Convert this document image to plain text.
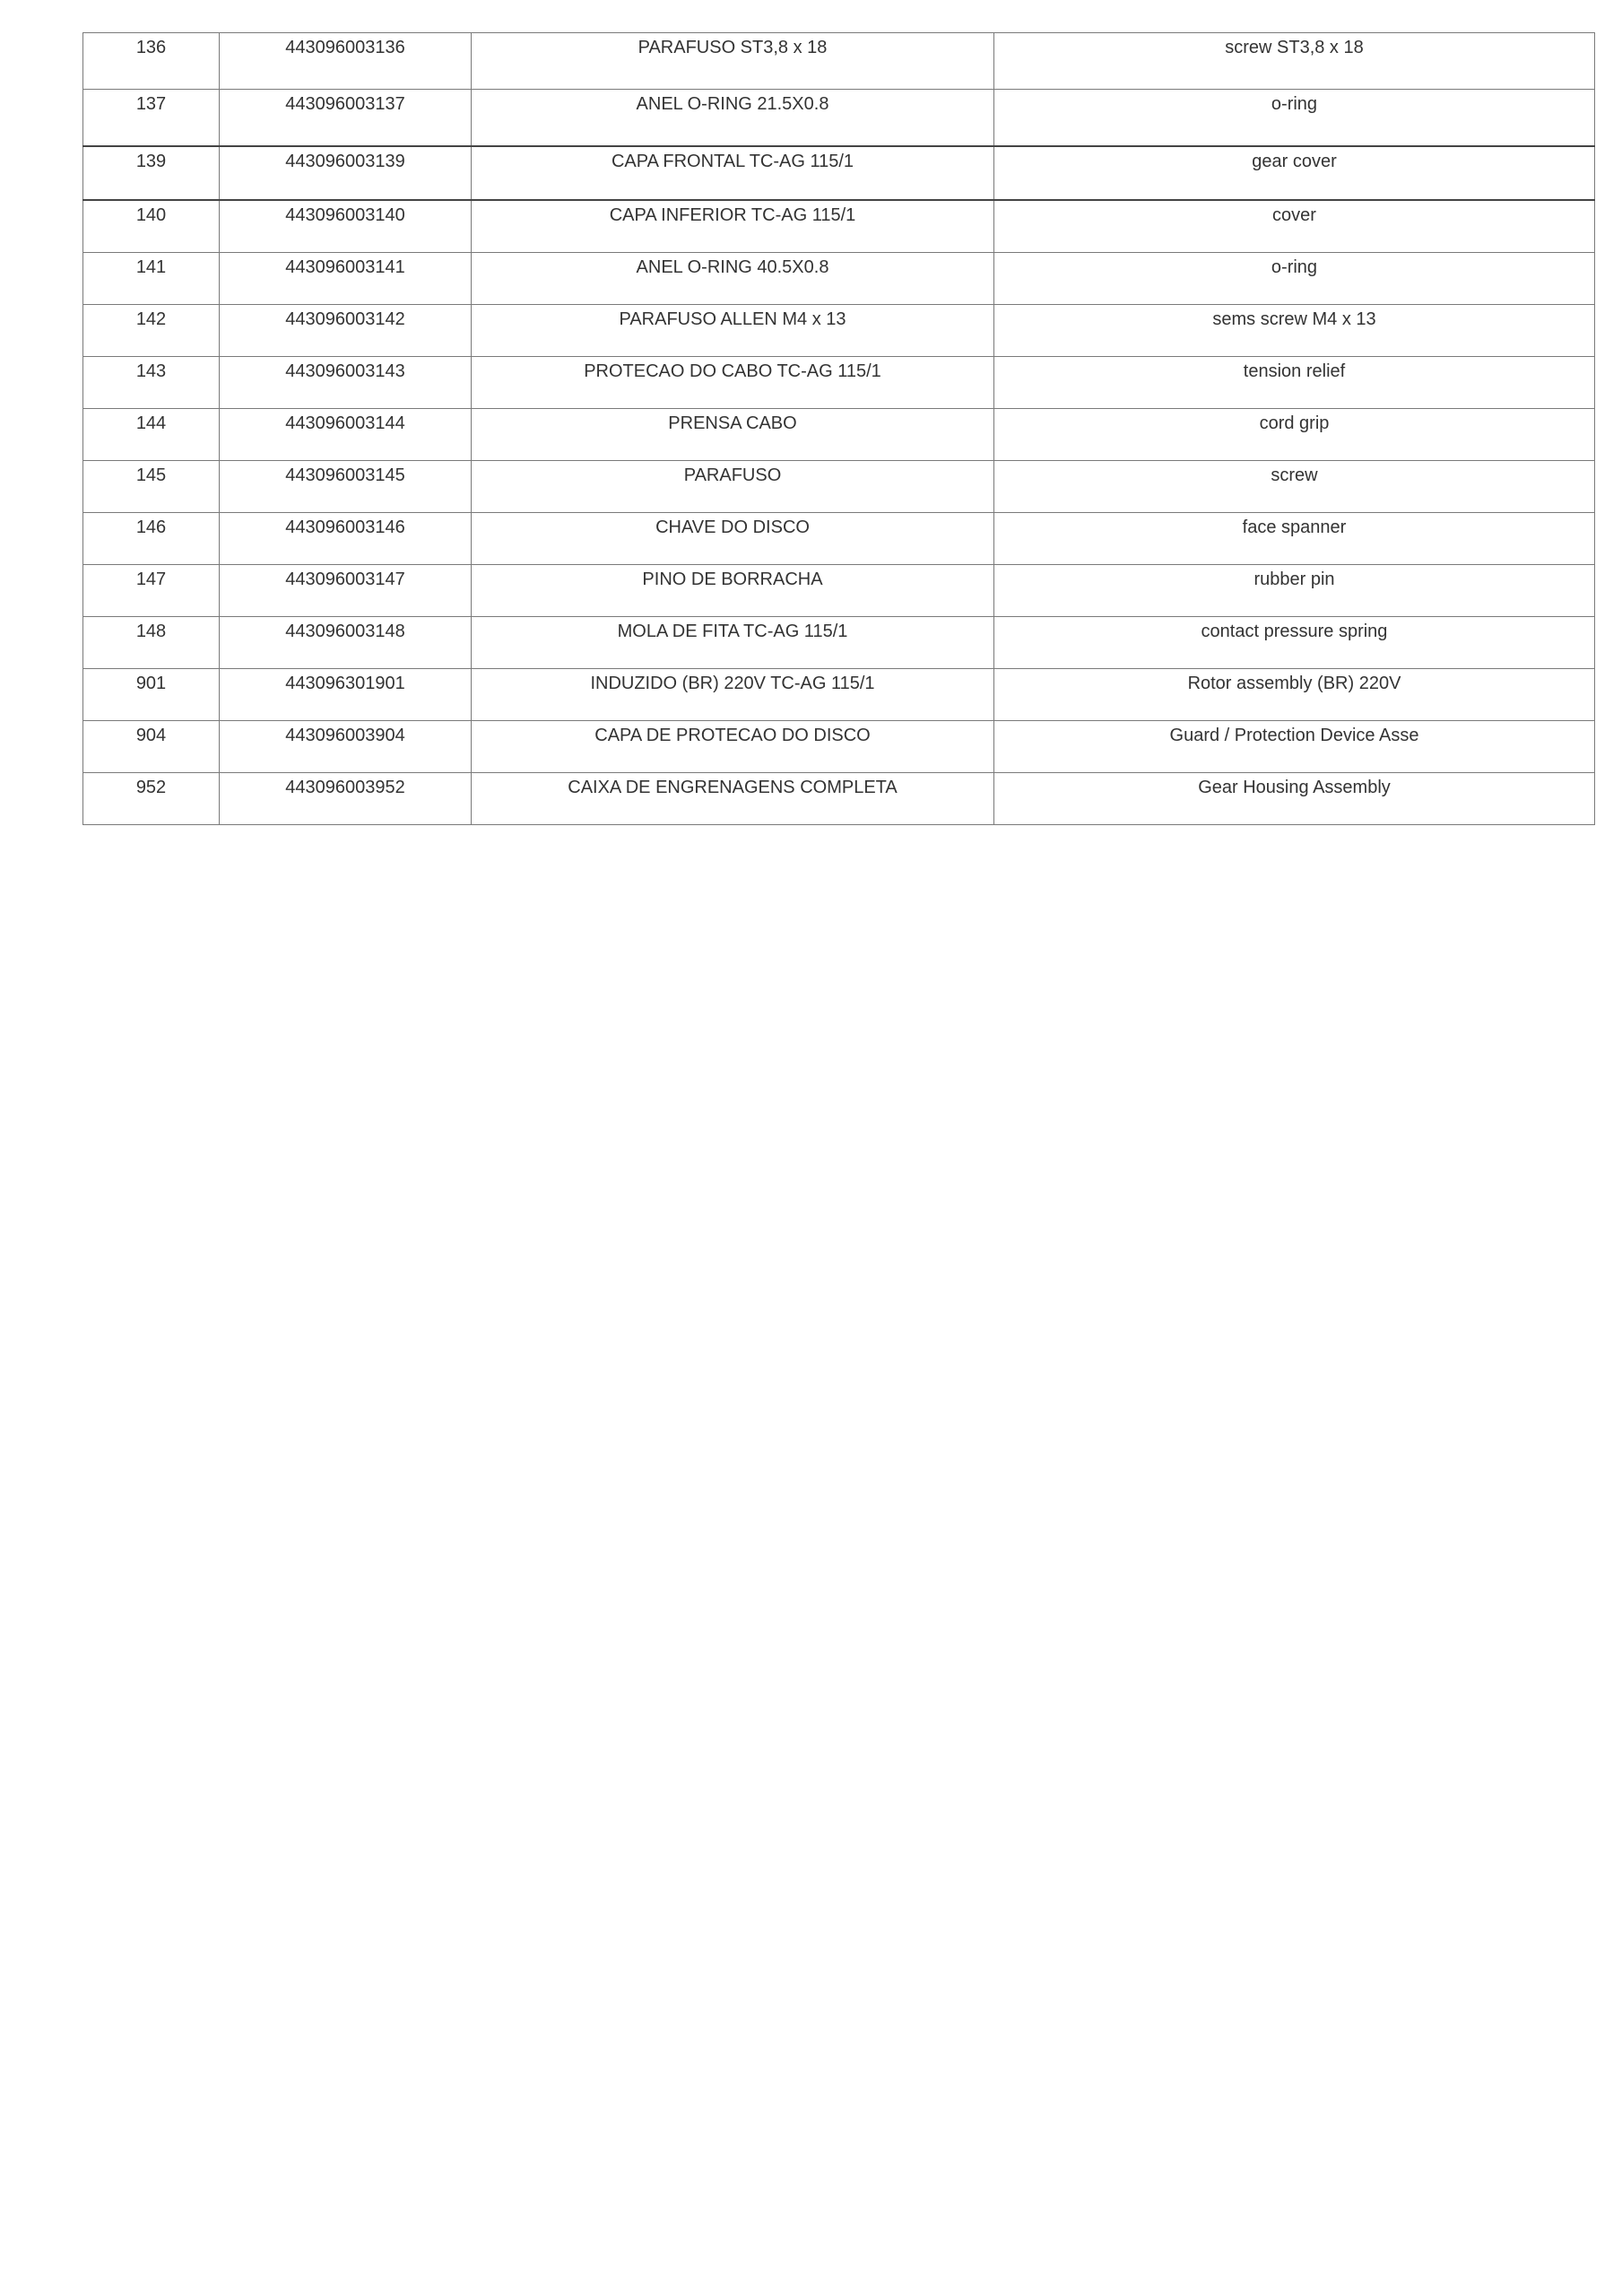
136	443096003136	PARAFUSO ST3,8 x 18	screw ST3,8 x 18
137	443096003137	ANEL O-RING 21.5X0.8	o-ring
139	443096003139	CAPA FRONTAL TC-AG 115/1	gear cover
140	443096003140	CAPA INFERIOR TC-AG 115/1	cover
141	443096003141	ANEL O-RING 40.5X0.8	o-ring
142	443096003142	PARAFUSO ALLEN M4 x 13	sems screw M4 x 13
143	443096003143	PROTECAO DO CABO TC-AG 115/1	tension relief
144	443096003144	PRENSA CABO	cord grip
145	443096003145	PARAFUSO	screw
146	443096003146	CHAVE DO DISCO	face spanner
147	443096003147	PINO DE BORRACHA	rubber pin
148	443096003148	MOLA DE FITA TC-AG 115/1	contact pressure spring
901	443096301901	INDUZIDO (BR) 220V TC-AG 115/1	Rotor assembly (BR) 220V
904	443096003904	CAPA DE PROTECAO DO DISCO	Guard / Protection Device Asse
952	443096003952	CAIXA DE ENGRENAGENS COMPLETA	Gear Housing Assembly
